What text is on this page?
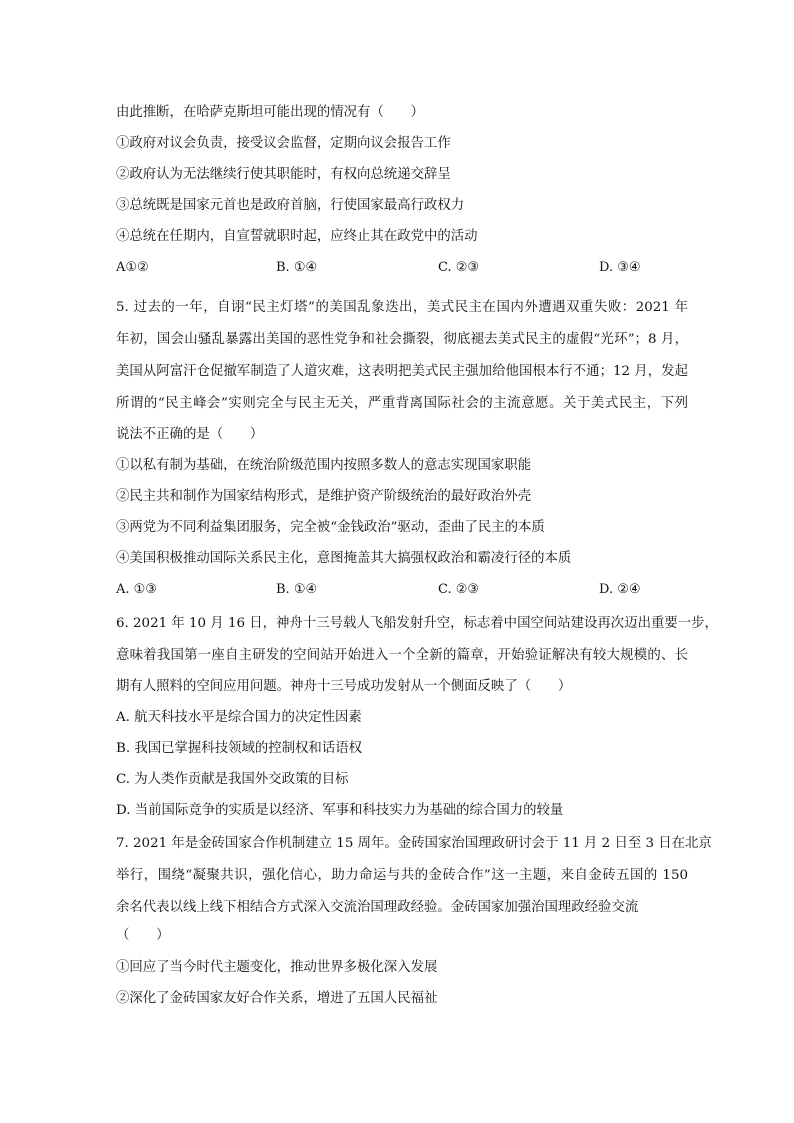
由此推断，在哈萨克斯坦可能出现的情况有（　　）
①政府对议会负责，接受议会监督，定期向议会报告工作
②政府认为无法继续行使其职能时，有权向总统递交辞呈
③总统既是国家元首也是政府首脑，行使国家最高行政权力
④总统在任期内，自宣誓就职时起，应终止其在政党中的活动
A①②	B. ①④	C. ②③	D. ③④
5. 过去的一年，自诩“民主灯塔”的美国乱象迭出，美式民主在国内外遭遇双重失败：2021 年
年初，国会山骚乱暴露出美国的恶性党争和社会撕裂，彻底褪去美式民主的虚假“光环”；8 月，
美国从阿富汗仓促撤军制造了人道灾难，这表明把美式民主强加给他国根本行不通；12 月，发起
所谓的“民主峰会”实则完全与民主无关，严重背离国际社会的主流意愿。关于美式民主，下列
说法不正确的是（　　）
①以私有制为基础，在统治阶级范围内按照多数人的意志实现国家职能
②民主共和制作为国家结构形式，是维护资产阶级统治的最好政治外壳
③两党为不同利益集团服务，完全被“金钱政治”驱动，歪曲了民主的本质
④美国积极推动国际关系民主化，意图掩盖其大搞强权政治和霸凌行径的本质
A. ①③	B. ①④	C. ②③	D. ②④
6. 2021 年 10 月 16 日，神舟十三号载人飞船发射升空，标志着中国空间站建设再次迈出重要一步，
意味着我国第一座自主研发的空间站开始进入一个全新的篇章，开始验证解决有较大规模的、长
期有人照料的空间应用问题。神舟十三号成功发射从一个侧面反映了（　　）
A. 航天科技水平是综合国力的决定性因素
B. 我国已掌握科技领域的控制权和话语权
C. 为人类作贡献是我国外交政策的目标
D. 当前国际竞争的实质是以经济、军事和科技实力为基础的综合国力的较量
7. 2021 年是金砖国家合作机制建立 15 周年。金砖国家治国理政研讨会于 11 月 2 日至 3 日在北京
举行，围绕“凝聚共识，强化信心，助力命运与共的金砖合作”这一主题，来自金砖五国的 150
余名代表以线上线下相结合方式深入交流治国理政经验。金砖国家加强治国理政经验交流
（　　）
①回应了当今时代主题变化，推动世界多极化深入发展
②深化了金砖国家友好合作关系，增进了五国人民福祉
